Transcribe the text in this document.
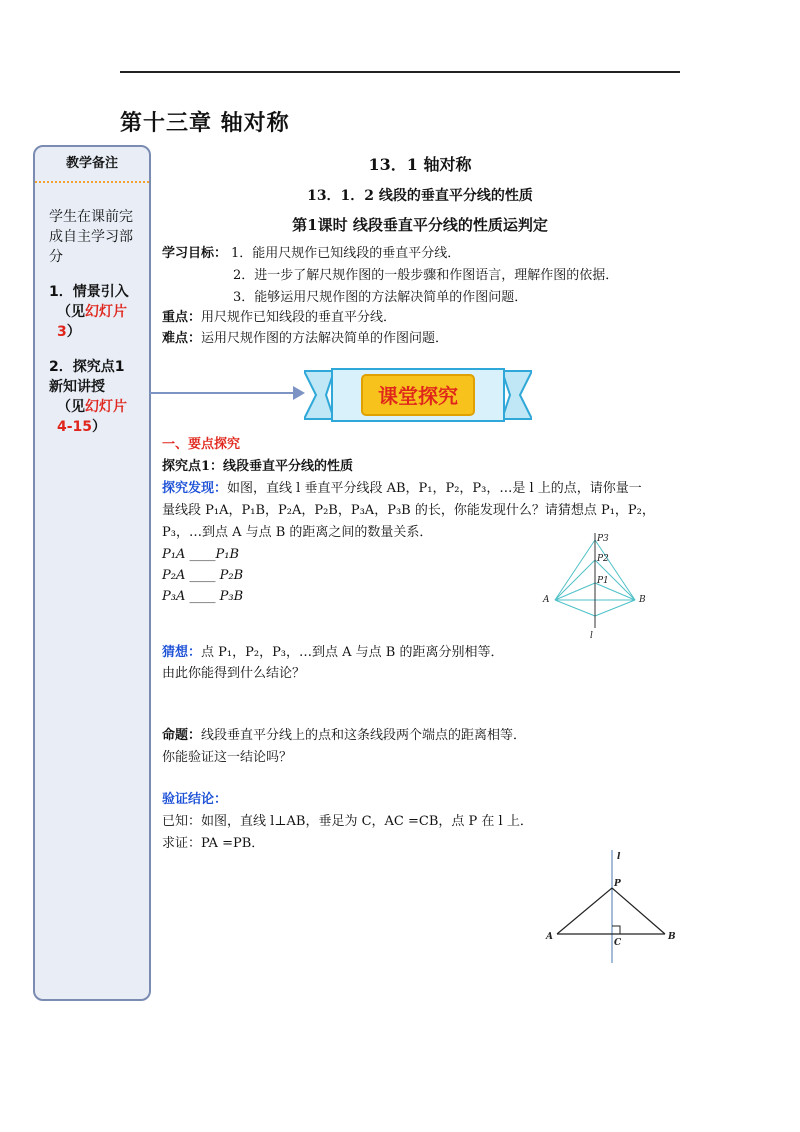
第十三章 轴对称
教学备注
学生在课前完成自主学习部分
1．情景引入
（见幻灯片3）
2．探究点1 新知讲授
（见幻灯片4-15）
13．1 轴对称
13．1．2 线段的垂直平分线的性质
第1课时 线段垂直平分线的性质运判定
学习目标： 1．能用尺规作已知线段的垂直平分线．
2．进一步了解尺规作图的一般步骤和作图语言，理解作图的依据．
3．能够运用尺规作图的方法解决简单的作图问题．
重点：用尺规作已知线段的垂直平分线．
难点：运用尺规作图的方法解决简单的作图问题．
课堂探究
一、要点探究
探究点1：线段垂直平分线的性质
探究发现：如图，直线 l 垂直平分线段 AB，P₁，P₂，P₃，…是 l 上的点，请你量一
量线段 P₁A，P₁B，P₂A，P₂B，P₃A，P₃B 的长，你能发现什么？请猜想点 P₁，P₂，
P₃，…到点 A 与点 B 的距离之间的数量关系．
P₁A ____P₁B
P₂A ____ P₂B
P₃A ____ P₃B
P3
P2
P1
A	B
l
猜想：点 P₁，P₂，P₃，…到点 A 与点 B 的距离分别相等．
由此你能得到什么结论？
命题：线段垂直平分线上的点和这条线段两个端点的距离相等．
你能验证这一结论吗？
验证结论：
已知：如图，直线 l⊥AB，垂足为 C，AC =CB，点 P 在 l 上．
求证：PA =PB．
l
P
A
C
B
